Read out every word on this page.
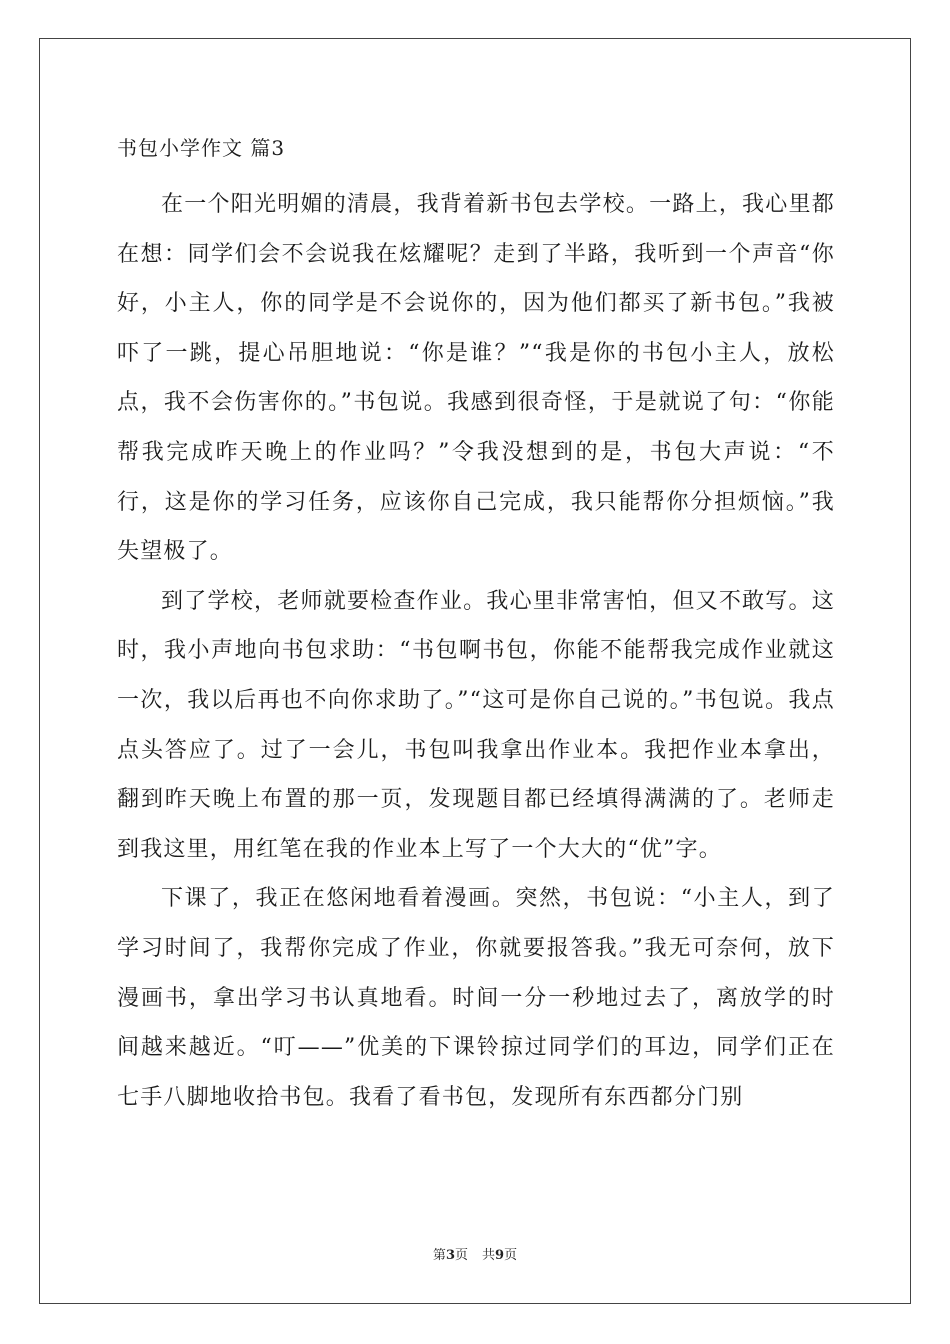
书包小学作文 篇3

在一个阳光明媚的清晨，我背着新书包去学校。一路上，我心里都在想：同学们会不会说我在炫耀呢？走到了半路，我听到一个声音“你好，小主人，你的同学是不会说你的，因为他们都买了新书包。”我被吓了一跳，提心吊胆地说：“你是谁？”“我是你的书包小主人，放松点，我不会伤害你的。”书包说。我感到很奇怪，于是就说了句：“你能帮我完成昨天晚上的作业吗？”令我没想到的是，书包大声说：“不行，这是你的学习任务，应该你自己完成，我只能帮你分担烦恼。”我失望极了。

到了学校，老师就要检查作业。我心里非常害怕，但又不敢写。这时，我小声地向书包求助：“书包啊书包，你能不能帮我完成作业就这一次，我以后再也不向你求助了。”“这可是你自己说的。”书包说。我点点头答应了。过了一会儿，书包叫我拿出作业本。我把作业本拿出，翻到昨天晚上布置的那一页，发现题目都已经填得满满的了。老师走到我这里，用红笔在我的作业本上写了一个大大的“优”字。

下课了，我正在悠闲地看着漫画。突然，书包说：“小主人，到了学习时间了，我帮你完成了作业，你就要报答我。”我无可奈何，放下漫画书，拿出学习书认真地看。时间一分一秒地过去了，离放学的时间越来越近。“叮——”优美的下课铃掠过同学们的耳边，同学们正在七手八脚地收拾书包。我看了看书包，发现所有东西都分门别

第3页 共9页
